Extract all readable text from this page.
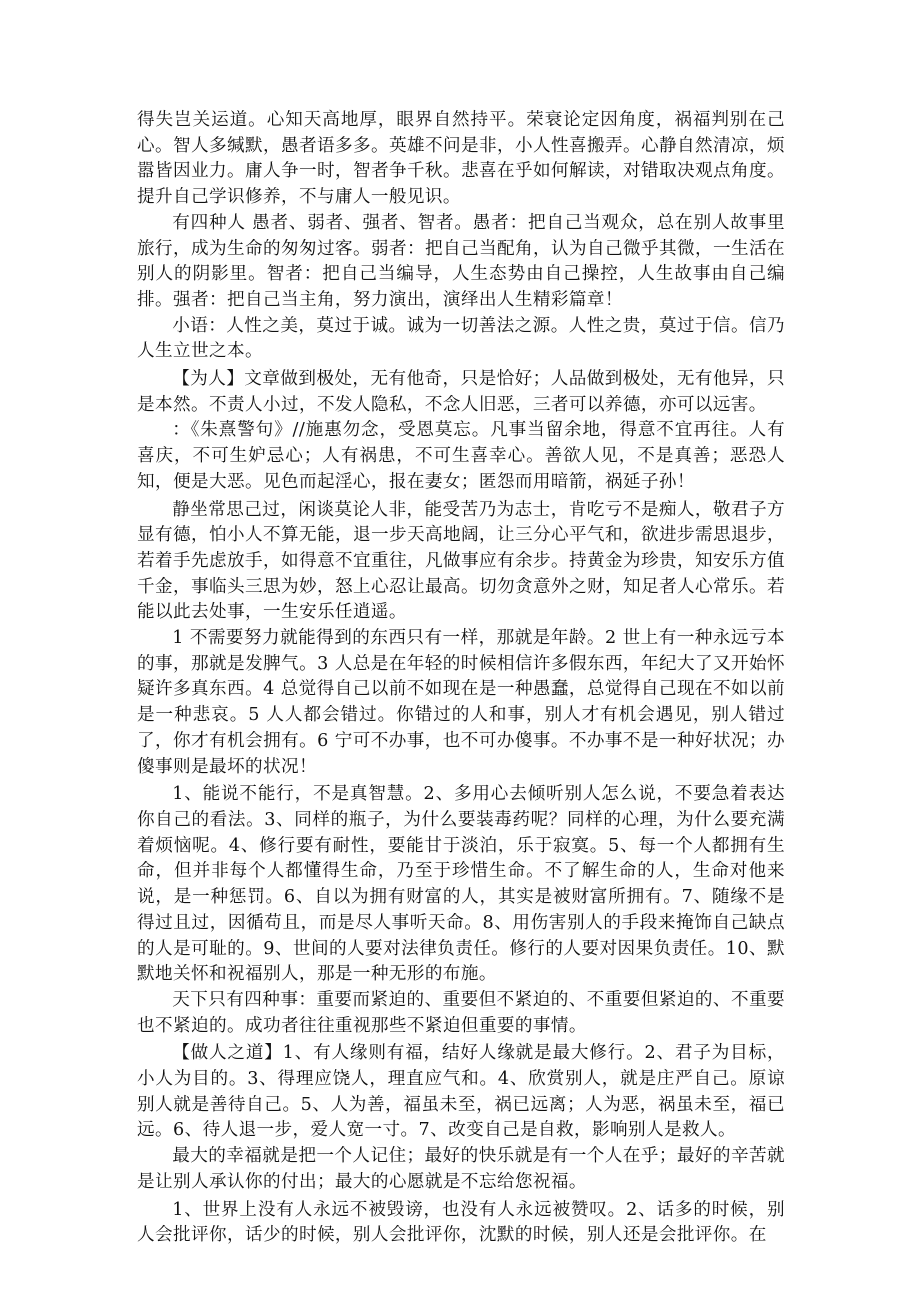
得失岂关运道。心知天高地厚，眼界自然持平。荣衰论定因角度，祸福判别在己心。智人多缄默，愚者语多多。英雄不问是非，小人性喜搬弄。心静自然清凉，烦嚣皆因业力。庸人争一时，智者争千秋。悲喜在乎如何解读，对错取决观点角度。提升自己学识修养，不与庸人一般见识。

有四种人 愚者、弱者、强者、智者。愚者：把自己当观众，总在别人故事里旅行，成为生命的匆匆过客。弱者：把自己当配角，认为自己微乎其微，一生活在别人的阴影里。智者：把自己当编导，人生态势由自己操控，人生故事由自己编排。强者：把自己当主角，努力演出，演绎出人生精彩篇章！

小语：人性之美，莫过于诚。诚为一切善法之源。人性之贵，莫过于信。信乃人生立世之本。

【为人】文章做到极处，无有他奇，只是恰好；人品做到极处，无有他异，只是本然。不责人小过，不发人隐私，不念人旧恶，三者可以养德，亦可以远害。

：《朱熹警句》//施惠勿念，受恩莫忘。凡事当留余地，得意不宜再往。人有喜庆，不可生妒忌心；人有祸患，不可生喜幸心。善欲人见，不是真善；恶恐人知，便是大恶。见色而起淫心，报在妻女；匿怨而用暗箭，祸延子孙！

静坐常思己过，闲谈莫论人非，能受苦乃为志士，肯吃亏不是痴人，敬君子方显有德，怕小人不算无能，退一步天高地阔，让三分心平气和，欲进步需思退步，若着手先虑放手，如得意不宜重往，凡做事应有余步。持黄金为珍贵，知安乐方值千金，事临头三思为妙，怒上心忍让最高。切勿贪意外之财，知足者人心常乐。若能以此去处事，一生安乐任逍遥。

1 不需要努力就能得到的东西只有一样，那就是年龄。2 世上有一种永远亏本的事，那就是发脾气。3 人总是在年轻的时候相信许多假东西，年纪大了又开始怀疑许多真东西。4 总觉得自己以前不如现在是一种愚蠢，总觉得自己现在不如以前是一种悲哀。5 人人都会错过。你错过的人和事，别人才有机会遇见，别人错过了，你才有机会拥有。6 宁可不办事，也不可办傻事。不办事不是一种好状况；办傻事则是最坏的状况！

1、能说不能行，不是真智慧。2、多用心去倾听别人怎么说，不要急着表达你自己的看法。3、同样的瓶子，为什么要装毒药呢？同样的心理，为什么要充满着烦恼呢。4、修行要有耐性，要能甘于淡泊，乐于寂寞。5、每一个人都拥有生命，但并非每个人都懂得生命，乃至于珍惜生命。不了解生命的人，生命对他来说，是一种惩罚。6、自以为拥有财富的人，其实是被财富所拥有。7、随缘不是得过且过，因循苟且，而是尽人事听天命。8、用伤害别人的手段来掩饰自己缺点的人是可耻的。9、世间的人要对法律负责任。修行的人要对因果负责任。10、默默地关怀和祝福别人，那是一种无形的布施。

天下只有四种事：重要而紧迫的、重要但不紧迫的、不重要但紧迫的、不重要也不紧迫的。成功者往往重视那些不紧迫但重要的事情。

【做人之道】1、有人缘则有福，结好人缘就是最大修行。2、君子为目标，小人为目的。3、得理应饶人，理直应气和。4、欣赏别人，就是庄严自己。原谅别人就是善待自己。5、人为善，福虽未至，祸已远离；人为恶，祸虽未至，福已远。6、待人退一步，爱人宽一寸。7、改变自己是自救，影响别人是救人。

最大的幸福就是把一个人记住；最好的快乐就是有一个人在乎；最好的辛苦就是让别人承认你的付出；最大的心愿就是不忘给您祝福。

1、世界上没有人永远不被毁谤，也没有人永远被赞叹。2、话多的时候，别人会批评你，话少的时候，别人会批评你，沈默的时候，别人还是会批评你。在
